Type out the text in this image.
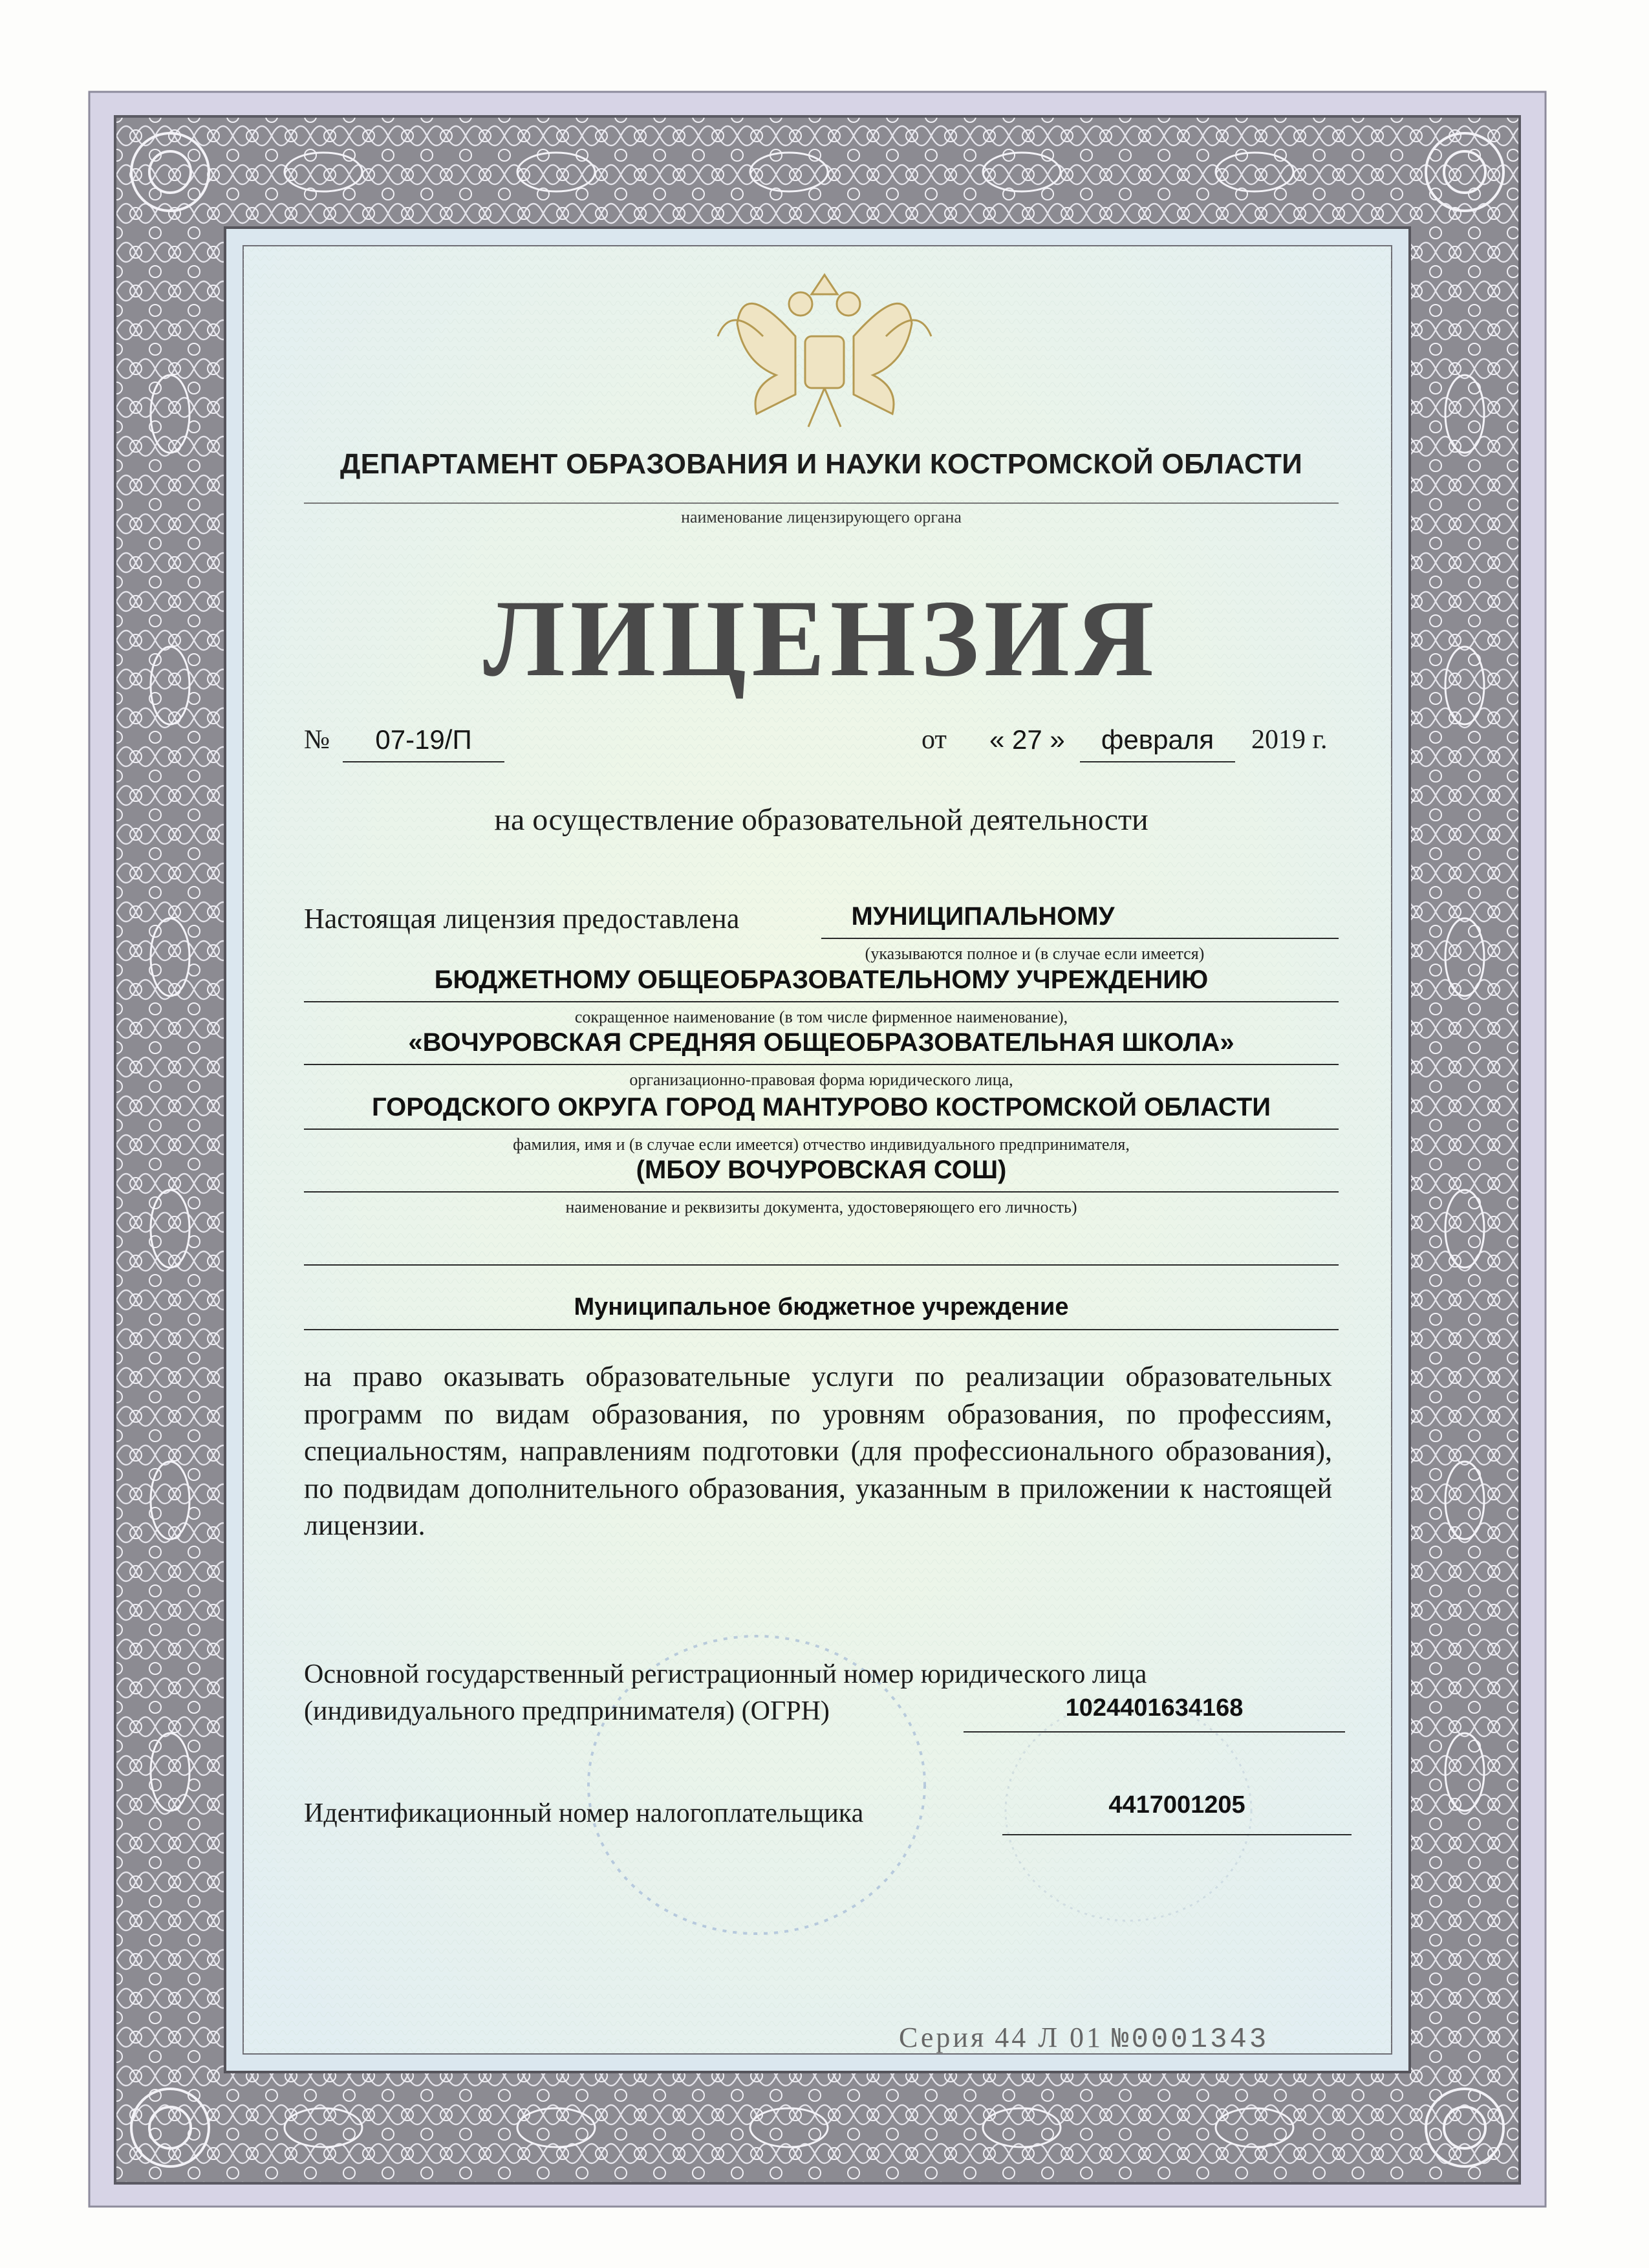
ДЕПАРТАМЕНТ ОБРАЗОВАНИЯ И НАУКИ КОСТРОМСКОЙ ОБЛАСТИ
наименование лицензирующего органа
ЛИЦЕНЗИЯ
№	07-19/П	от « 27 »	февраля	2019 г.
на осуществление образовательной деятельности
Настоящая лицензия предоставлена	МУНИЦИПАЛЬНОМУ
(указываются полное и (в случае если имеется)
БЮДЖЕТНОМУ ОБЩЕОБРАЗОВАТЕЛЬНОМУ УЧРЕЖДЕНИЮ
сокращенное наименование (в том числе фирменное наименование),
«ВОЧУРОВСКАЯ СРЕДНЯЯ ОБЩЕОБРАЗОВАТЕЛЬНАЯ ШКОЛА»
организационно-правовая форма юридического лица,
ГОРОДСКОГО ОКРУГА ГОРОД МАНТУРОВО КОСТРОМСКОЙ ОБЛАСТИ
фамилия, имя и (в случае если имеется) отчество индивидуального предпринимателя,
(МБОУ ВОЧУРОВСКАЯ СОШ)
наименование и реквизиты документа, удостоверяющего его личность)
Муниципальное бюджетное учреждение
на право оказывать образовательные услуги по реализации образовательных программ по видам образования, по уровням образования, по профессиям, специальностям, направлениям подготовки (для профессионального образования), по подвидам дополнительного образования, указанным в приложении к настоящей лицензии.
Основной государственный регистрационный номер юридического лица
(индивидуального предпринимателя) (ОГРН)	1024401634168
Идентификационный номер налогоплательщика	4417001205
Серия 44 Л 01 №0001343
